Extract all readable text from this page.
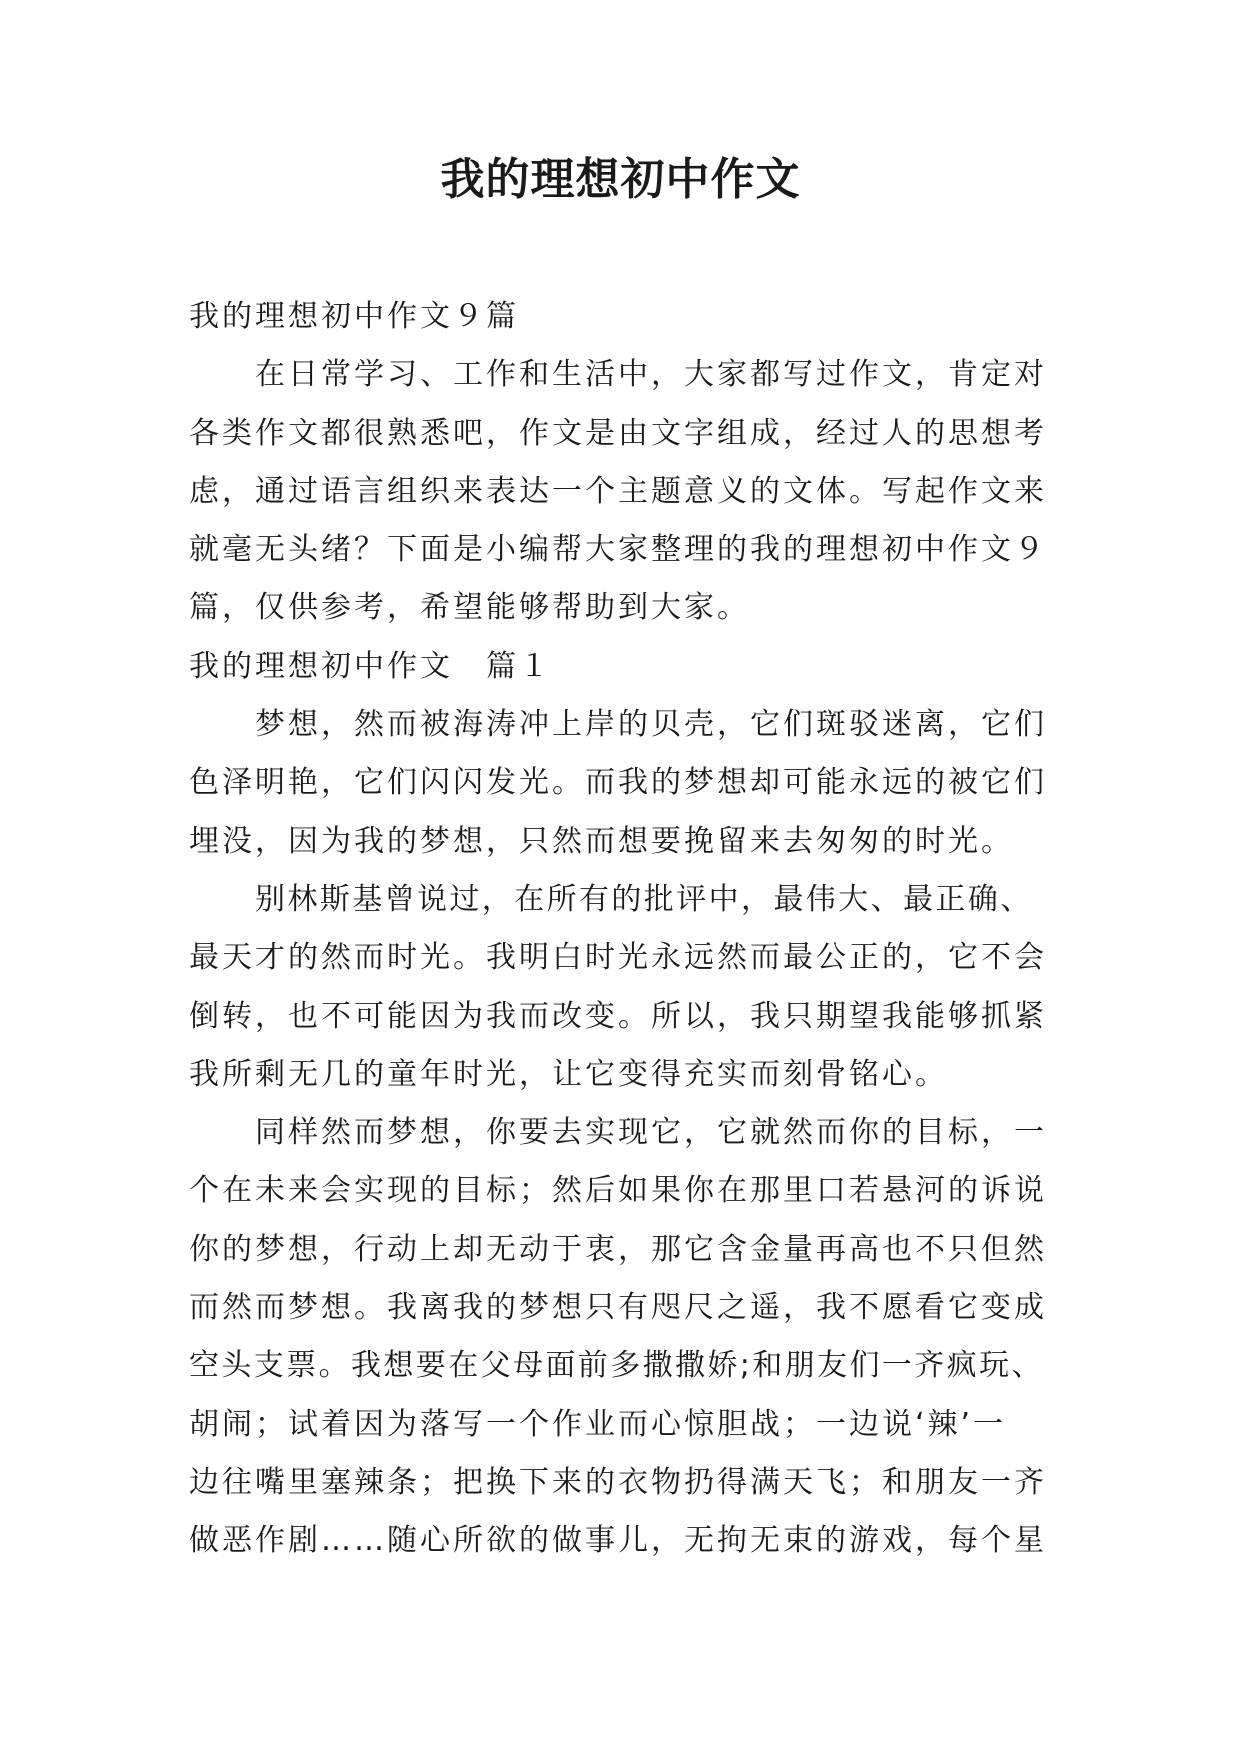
我的理想初中作文

我的理想初中作文９篇

在日常学习、工作和生活中，大家都写过作文，肯定对

各类作文都很熟悉吧，作文是由文字组成，经过人的思想考

虑，通过语言组织来表达一个主题意义的文体。写起作文来

就毫无头绪？下面是小编帮大家整理的我的理想初中作文９

篇，仅供参考，希望能够帮助到大家。

我的理想初中作文　篇１

梦想，然而被海涛冲上岸的贝壳，它们斑驳迷离，它们

色泽明艳，它们闪闪发光。而我的梦想却可能永远的被它们

埋没，因为我的梦想，只然而想要挽留来去匆匆的时光。

别林斯基曾说过，在所有的批评中，最伟大、最正确、

最天才的然而时光。我明白时光永远然而最公正的，它不会

倒转，也不可能因为我而改变。所以，我只期望我能够抓紧

我所剩无几的童年时光，让它变得充实而刻骨铭心。

同样然而梦想，你要去实现它，它就然而你的目标，一

个在未来会实现的目标；然后如果你在那里口若悬河的诉说

你的梦想，行动上却无动于衷，那它含金量再高也不只但然

而然而梦想。我离我的梦想只有咫尺之遥，我不愿看它变成

空头支票。我想要在父母面前多撒撒娇;和朋友们一齐疯玩、

胡闹；试着因为落写一个作业而心惊胆战；一边说‘辣’一

边往嘴里塞辣条；把换下来的衣物扔得满天飞；和朋友一齐

做恶作剧……随心所欲的做事儿，无拘无束的游戏，每个星
